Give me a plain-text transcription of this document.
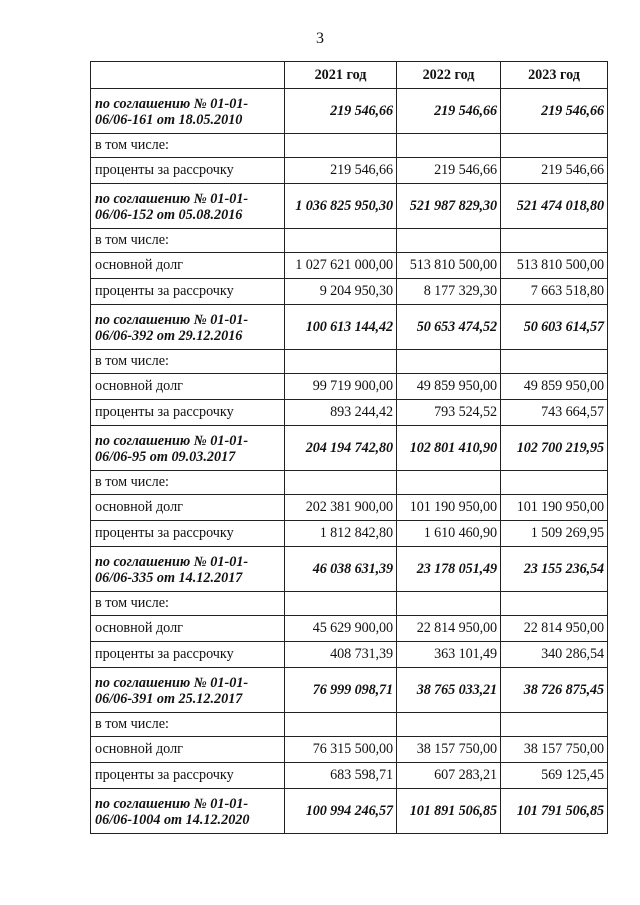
3
	2021 год	2022 год	2023 год
по соглашению № 01-01-06/06-161 от 18.05.2010	219 546,66	219 546,66	219 546,66
в том числе:			
проценты за рассрочку	219 546,66	219 546,66	219 546,66
по соглашению № 01-01-06/06-152 от 05.08.2016	1 036 825 950,30	521 987 829,30	521 474 018,80
в том числе:			
основной долг	1 027 621 000,00	513 810 500,00	513 810 500,00
проценты за рассрочку	9 204 950,30	8 177 329,30	7 663 518,80
по соглашению № 01-01-06/06-392 от 29.12.2016	100 613 144,42	50 653 474,52	50 603 614,57
в том числе:			
основной долг	99 719 900,00	49 859 950,00	49 859 950,00
проценты за рассрочку	893 244,42	793 524,52	743 664,57
по соглашению № 01-01-06/06-95 от 09.03.2017	204 194 742,80	102 801 410,90	102 700 219,95
в том числе:			
основной долг	202 381 900,00	101 190 950,00	101 190 950,00
проценты за рассрочку	1 812 842,80	1 610 460,90	1 509 269,95
по соглашению № 01-01-06/06-335 от 14.12.2017	46 038 631,39	23 178 051,49	23 155 236,54
в том числе:			
основной долг	45 629 900,00	22 814 950,00	22 814 950,00
проценты за рассрочку	408 731,39	363 101,49	340 286,54
по соглашению № 01-01-06/06-391 от 25.12.2017	76 999 098,71	38 765 033,21	38 726 875,45
в том числе:			
основной долг	76 315 500,00	38 157 750,00	38 157 750,00
проценты за рассрочку	683 598,71	607 283,21	569 125,45
по соглашению № 01-01-06/06-1004 от 14.12.2020	100 994 246,57	101 891 506,85	101 791 506,85
